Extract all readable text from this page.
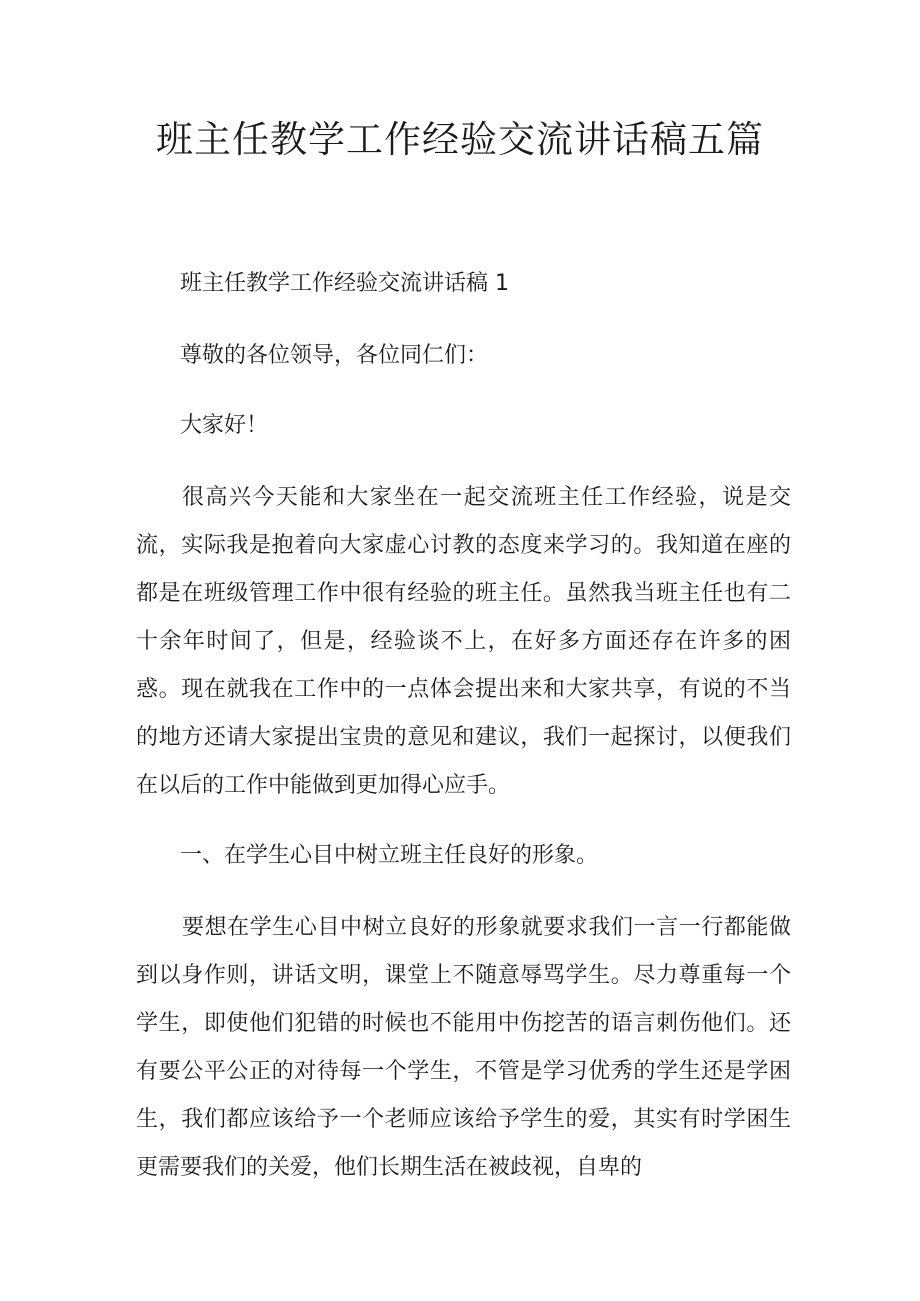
班主任教学工作经验交流讲话稿五篇

班主任教学工作经验交流讲话稿 1

尊敬的各位领导，各位同仁们：

大家好！

很高兴今天能和大家坐在一起交流班主任工作经验，说是交流，实际我是抱着向大家虚心讨教的态度来学习的。我知道在座的都是在班级管理工作中很有经验的班主任。虽然我当班主任也有二十余年时间了，但是，经验谈不上，在好多方面还存在许多的困惑。现在就我在工作中的一点体会提出来和大家共享，有说的不当的地方还请大家提出宝贵的意见和建议，我们一起探讨，以便我们在以后的工作中能做到更加得心应手。

一、在学生心目中树立班主任良好的形象。

要想在学生心目中树立良好的形象就要求我们一言一行都能做到以身作则，讲话文明，课堂上不随意辱骂学生。尽力尊重每一个学生，即使他们犯错的时候也不能用中伤挖苦的语言刺伤他们。还有要公平公正的对待每一个学生，不管是学习优秀的学生还是学困生，我们都应该给予一个老师应该给予学生的爱，其实有时学困生更需要我们的关爱，他们长期生活在被歧视，自卑的
